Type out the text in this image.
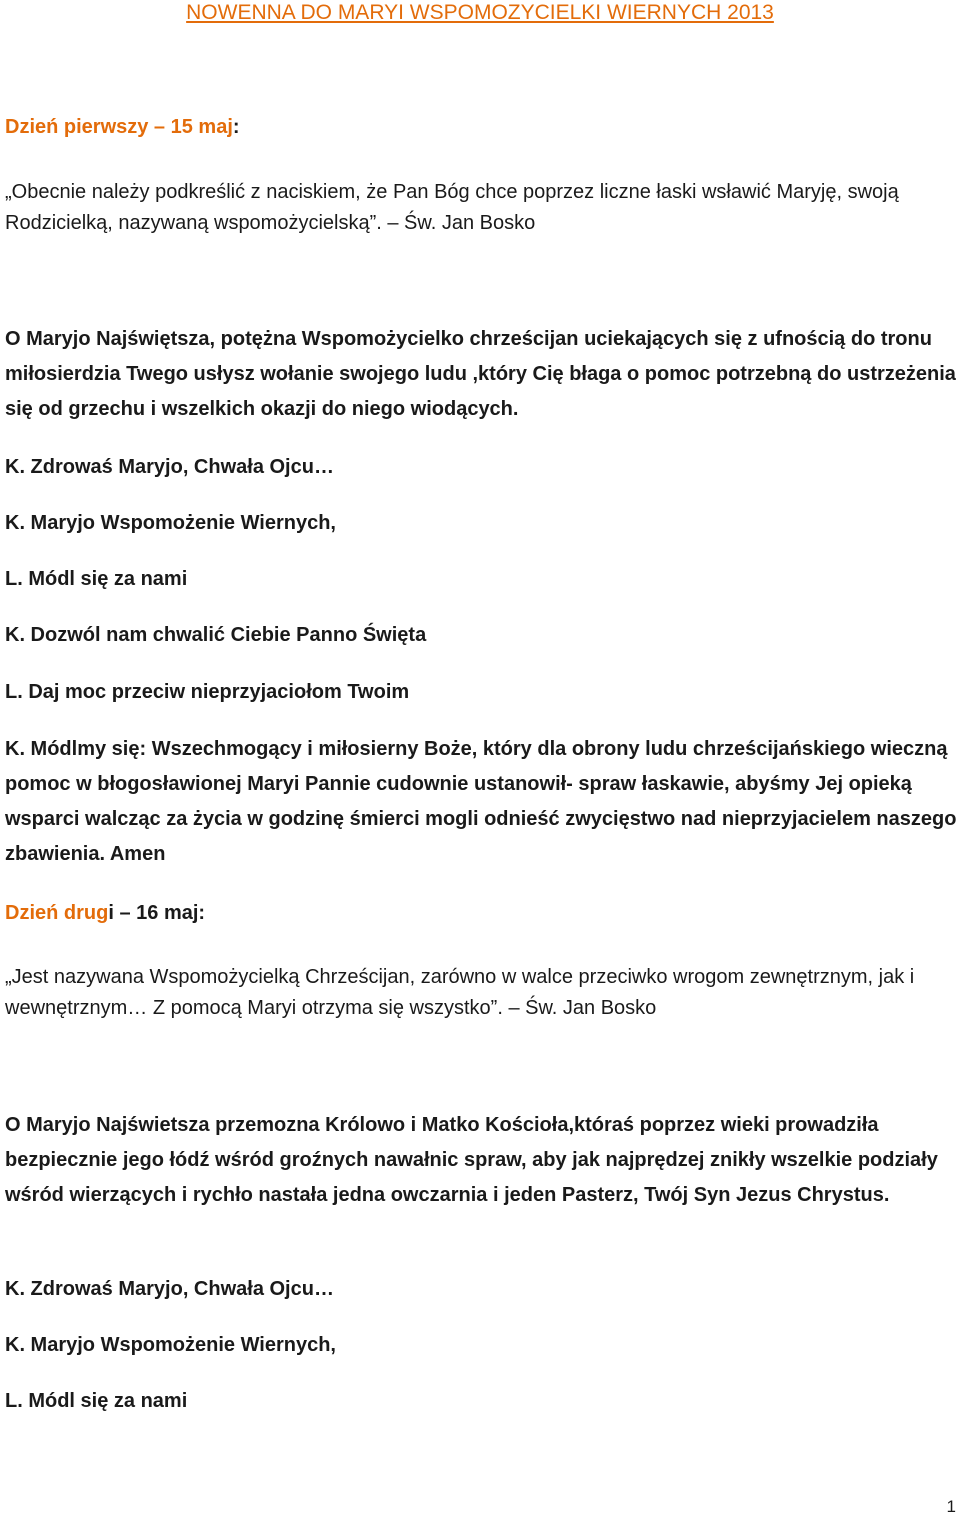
NOWENNA DO MARYI WSPOMOZYCIELKI WIERNYCH 2013
Dzień pierwszy – 15 maj:
„Obecnie należy podkreślić z naciskiem, że Pan Bóg chce poprzez liczne łaski wsławić Maryję, swoją Rodzicielką, nazywaną wspomożycielską”. – Św. Jan Bosko
O Maryjo Najświętsza, potężna Wspomożycielko chrześcijan uciekających się z ufnością do tronu miłosierdzia Twego usłysz wołanie swojego ludu ,który Cię błaga o pomoc potrzebną do ustrzeżenia się od grzechu i wszelkich okazji do niego wiodących.
K. Zdrowaś Maryjo, Chwała Ojcu…
K. Maryjo Wspomożenie Wiernych,
L. Módl się za nami
K. Dozwól nam chwalić Ciebie Panno Święta
L. Daj moc przeciw nieprzyjaciołom Twoim
K. Módlmy się: Wszechmogący i miłosierny Boże, który dla obrony ludu chrześcijańskiego wieczną pomoc w błogosławionej Maryi Pannie cudownie ustanowił- spraw łaskawie, abyśmy Jej opieką wsparci walcząc za życia w godzinę śmierci mogli odnieść zwycięstwo nad nieprzyjacielem naszego zbawienia. Amen
Dzień drugi – 16 maj:
„Jest nazywana Wspomożycielką Chrześcijan, zarówno w walce przeciwko wrogom zewnętrznym, jak i wewnętrznym… Z pomocą Maryi otrzyma się wszystko”. – Św. Jan Bosko
O Maryjo Najświetsza przemozna Królowo i Matko Kościoła,któraś poprzez wieki prowadziła bezpiecznie jego łódź wśród groźnych nawałnic spraw, aby jak najprędzej znikły wszelkie podziały wśród wierzących i rychło nastała jedna owczarnia i jeden Pasterz, Twój Syn Jezus Chrystus.
K. Zdrowaś Maryjo, Chwała Ojcu…
K. Maryjo Wspomożenie Wiernych,
L. Módl się za nami
1
